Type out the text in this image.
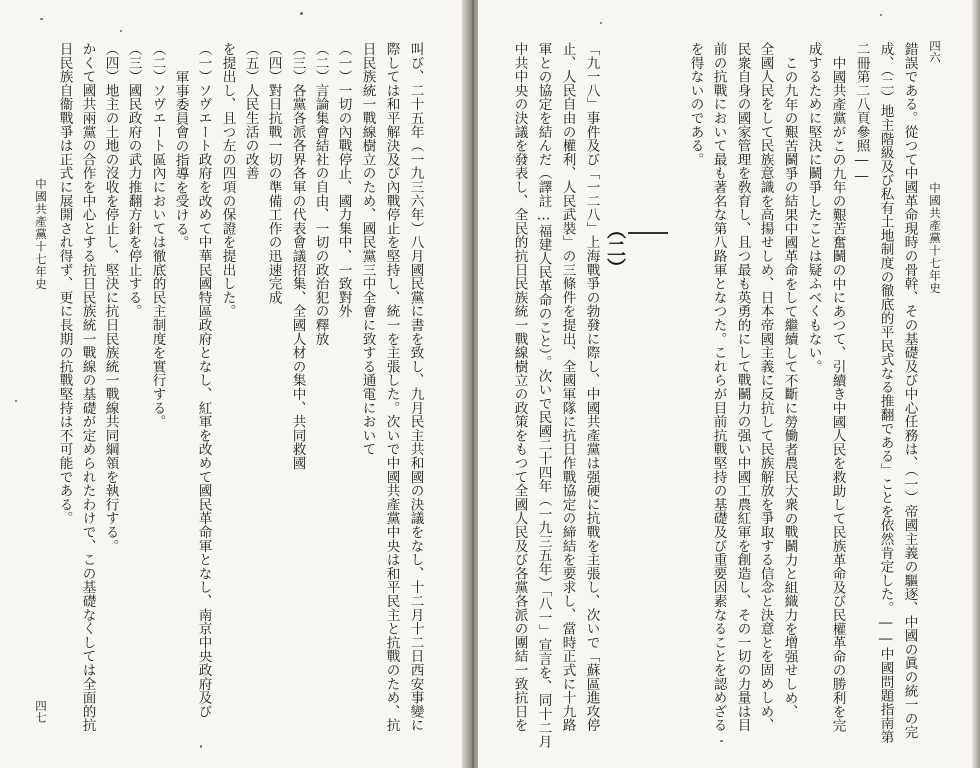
叫び、二十五年（一九三六年）八月國民黨に書を致し、九月民主共和國の決議をなし、十二月十二日西安事變に
際しては和平解決及び內戰停止を堅持し、統一を主張した。次いで中國共產黨中央は和平民主と抗戰のため、抗
日民族統一戰線樹立のため、國民黨三中全會に致する通電において
（一）一切の內戰停止、國力集中、一致對外
（二）言論集會結社の自由、一切の政治犯の釋放
（三）各黨各派各界各軍の代表會議招集、全國人材の集中、共同救國
（四）對日抗戰一切の準備工作の迅速完成
（五）人民生活の改善
を提出し、且つ左の四項の保證を提出した。
（一）ソヴエート政府を改めて中華民國特區政府となし、紅軍を改めて國民革命軍となし、南京中央政府及び
軍事委員會の指導を受ける。
（二）ソヴエート區內においては徹底的民主制度を實行する。
（三）國民政府の武力推翻方針を停止する。
（四）地主の土地の沒收を停止し、堅決に抗日民族統一戰線共同綱領を執行する。
かくて國共兩黨の合作を中心とする抗日民族統一戰線の基礎が定められたわけで、この基礎なくしては全面的抗
日民族自衞戰爭は正式に展開され得ず、更に長期の抗戰堅持は不可能である。
中國共產黨十七年史
四七
中國共產黨十七年史
四六
錯誤である。從つて中國革命現時の骨幹、その基礎及び中心任務は、（一）帝國主義の驅逐、中國の眞の統一の完
成、（二）地主階級及び私有土地制度の徹底的平民式なる推翻である」ことを依然肯定した。――中國問題指南第
二冊第二八頁參照――
中國共產黨がこの九年の艱苦奮鬭の中にあつて、引續き中國人民を救助して民族革命及び民權革命の勝利を完
成するために堅決に鬭爭したことは疑ふべくもない。
この九年の艱苦鬭爭の結果中國革命をして繼續して不斷に勞働者農民大衆の戰鬭力と組織力を增强せしめ、
全國人民をして民族意識を高揚せしめ、日本帝國主義に反抗して民族解放を爭取する信念と決意とを固めしめ、
民衆自身の國家管理を敎育し、且つ最も英勇的にして戰鬭力の强い中國工農紅軍を創造し、その一切の力量は目
前の抗戰において最も著名な第八路軍となつた。これらが目前抗戰堅持の基礎及び重要因素なることを認めざる
を得ないのである。
（二）
「九一八」事件及び「一二八」上海戰爭の勃發に際し、中國共產黨は强硬に抗戰を主張し、次いで「蘇區進攻停
止、人民自由の權利、人民武裝」の三條件を提出、全國軍隊に抗日作戰協定の締結を要求し、當時正式に十九路
軍との協定を結んだ（譯註…福建人民革命のこと）。次いで民國二十四年（一九三五年）「八一」宣言を、同十二月
中共中央の決議を發表し、全民的抗日民族統一戰線樹立の政策をもつて全國人民及び各黨各派の團結一致抗日を
